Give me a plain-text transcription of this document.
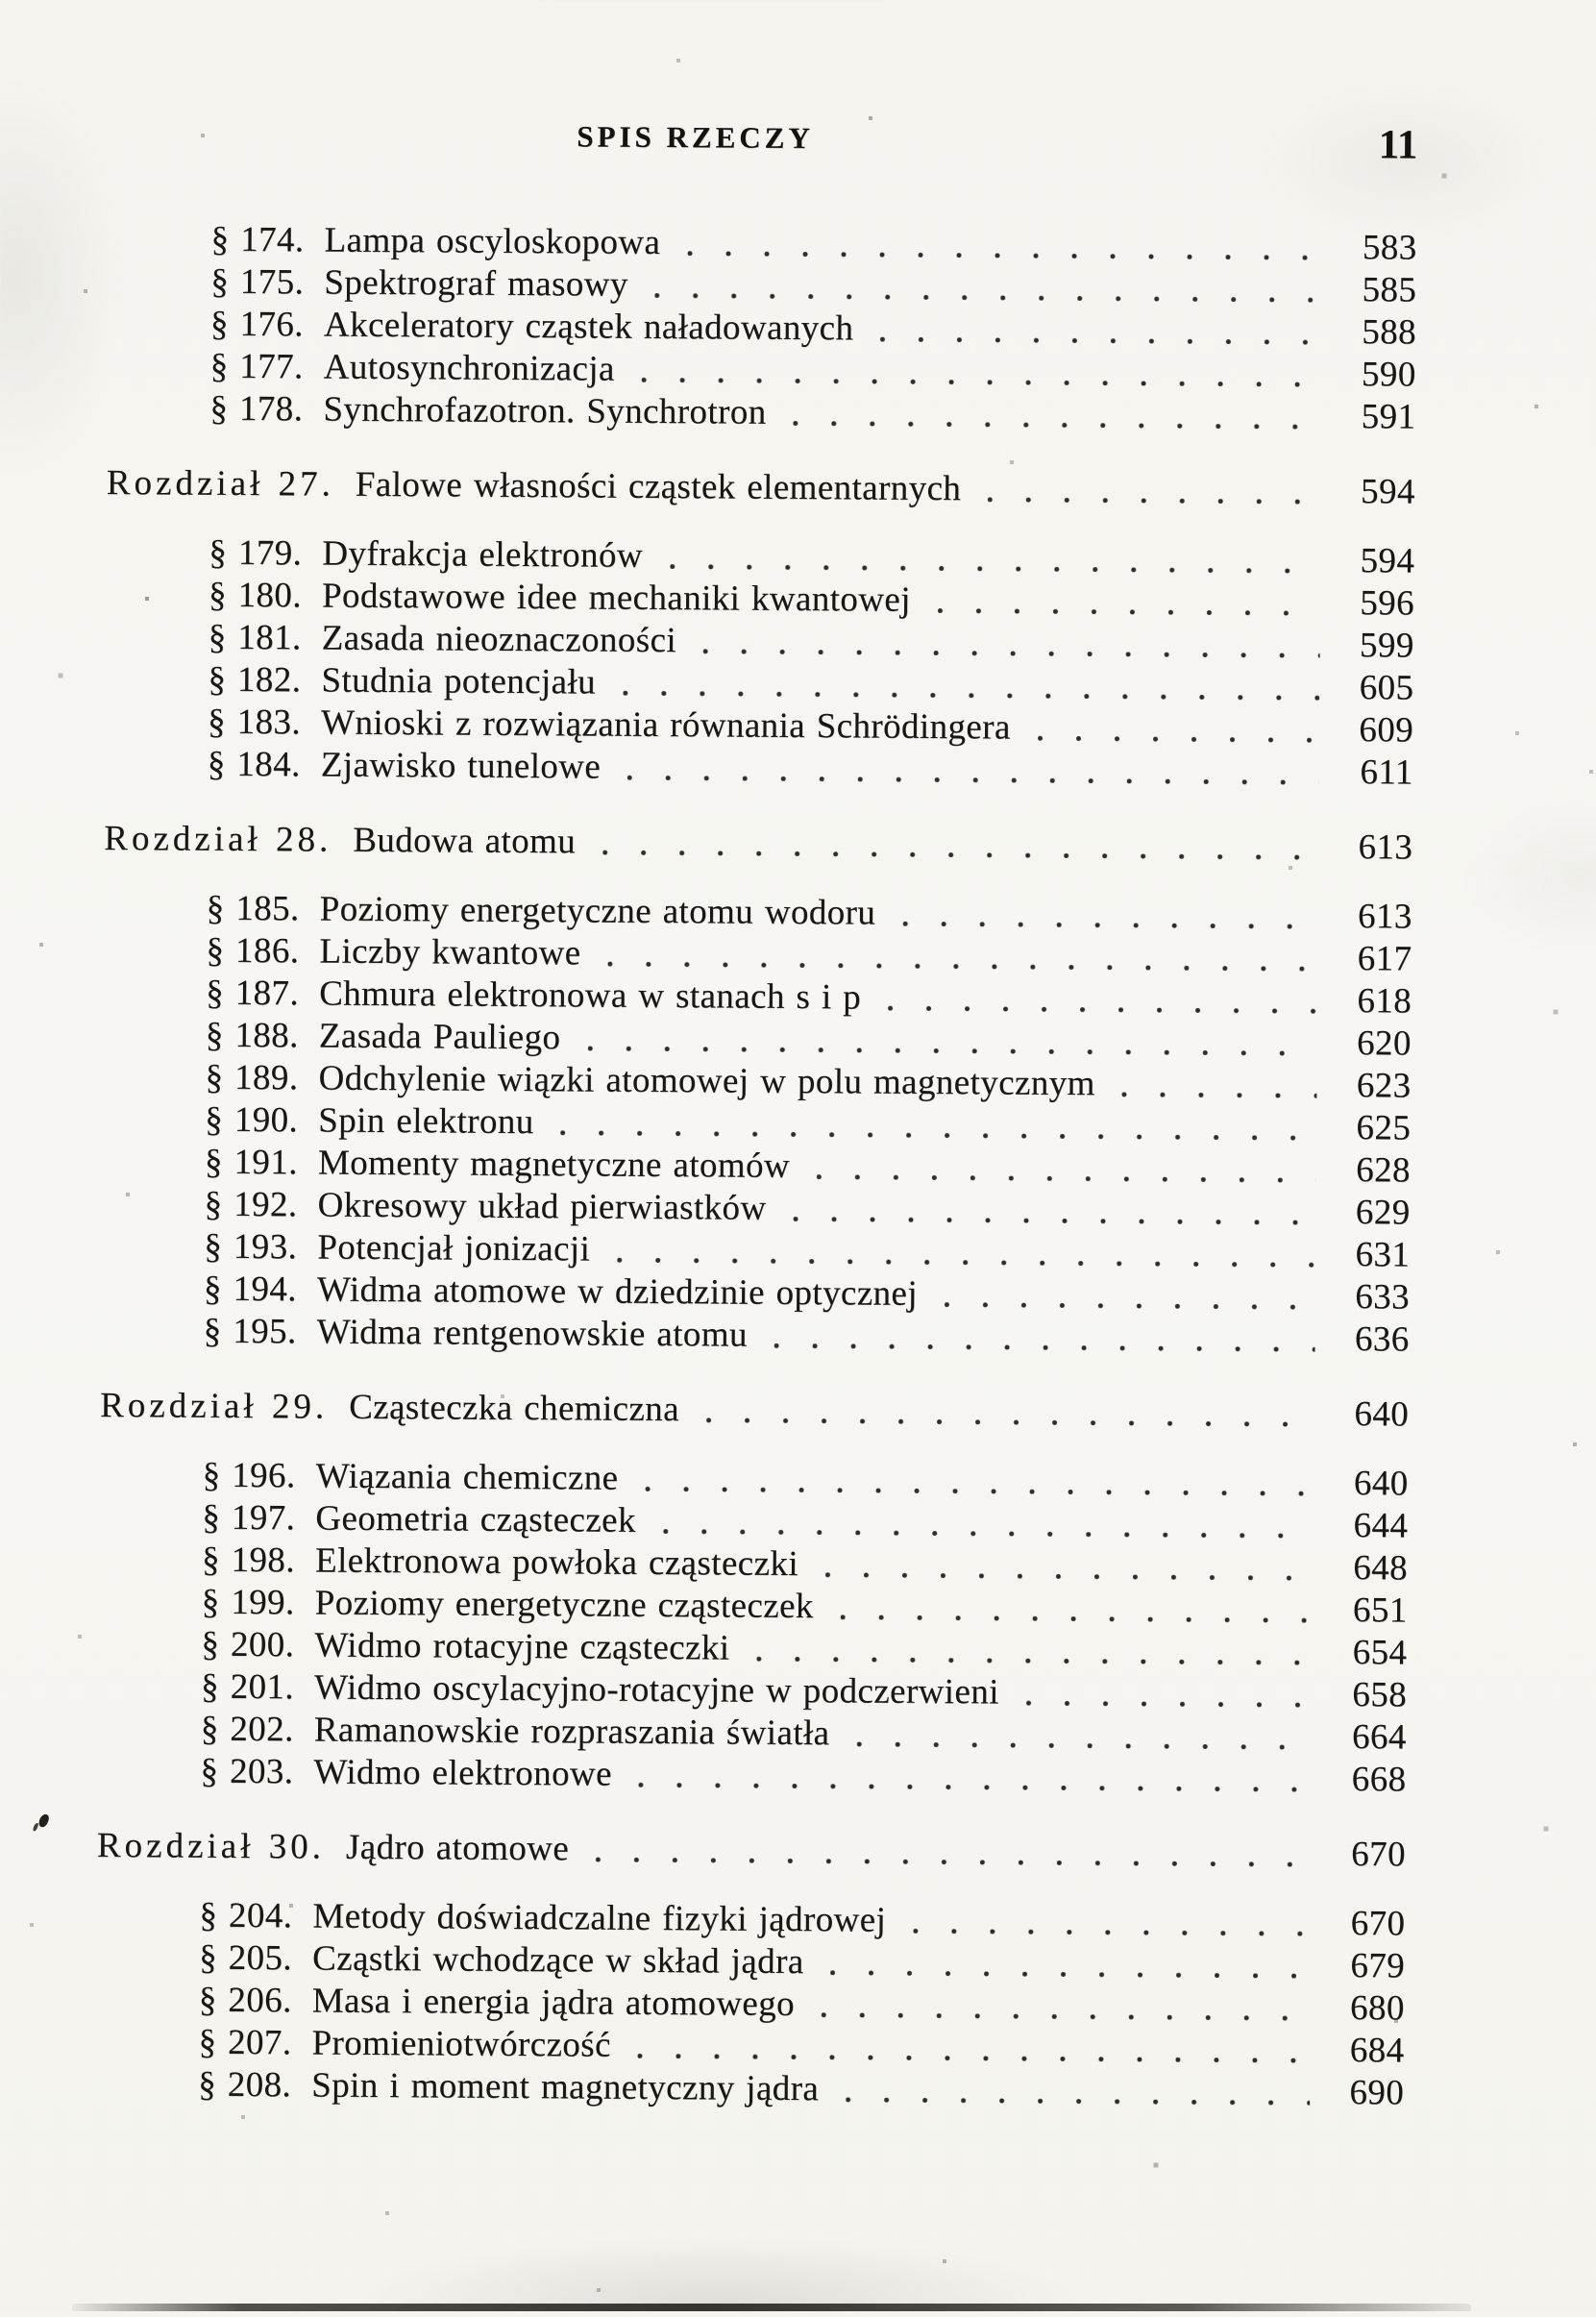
SPIS RZECZY	11
§ 174. Lampa oscyloskopowa	583
§ 175. Spektrograf masowy	585
§ 176. Akceleratory cząstek naładowanych	588
§ 177. Autosynchronizacja	590
§ 178. Synchrofazotron. Synchrotron	591
Rozdział 27. Falowe własności cząstek elementarnych	594
§ 179. Dyfrakcja elektronów	594
§ 180. Podstawowe idee mechaniki kwantowej	596
§ 181. Zasada nieoznaczoności	599
§ 182. Studnia potencjału	605
§ 183. Wnioski z rozwiązania równania Schrödingera	609
§ 184. Zjawisko tunelowe	611
Rozdział 28. Budowa atomu	613
§ 185. Poziomy energetyczne atomu wodoru	613
§ 186. Liczby kwantowe	617
§ 187. Chmura elektronowa w stanach s i p	618
§ 188. Zasada Pauliego	620
§ 189. Odchylenie wiązki atomowej w polu magnetycznym	623
§ 190. Spin elektronu	625
§ 191. Momenty magnetyczne atomów	628
§ 192. Okresowy układ pierwiastków	629
§ 193. Potencjał jonizacji	631
§ 194. Widma atomowe w dziedzinie optycznej	633
§ 195. Widma rentgenowskie atomu	636
Rozdział 29. Cząsteczka chemiczna	640
§ 196. Wiązania chemiczne	640
§ 197. Geometria cząsteczek	644
§ 198. Elektronowa powłoka cząsteczki	648
§ 199. Poziomy energetyczne cząsteczek	651
§ 200. Widmo rotacyjne cząsteczki	654
§ 201. Widmo oscylacyjno-rotacyjne w podczerwieni	658
§ 202. Ramanowskie rozpraszania światła	664
§ 203. Widmo elektronowe	668
Rozdział 30. Jądro atomowe	670
§ 204. Metody doświadczalne fizyki jądrowej	670
§ 205. Cząstki wchodzące w skład jądra	679
§ 206. Masa i energia jądra atomowego	680
§ 207. Promieniotwórczość	684
§ 208. Spin i moment magnetyczny jądra	690
